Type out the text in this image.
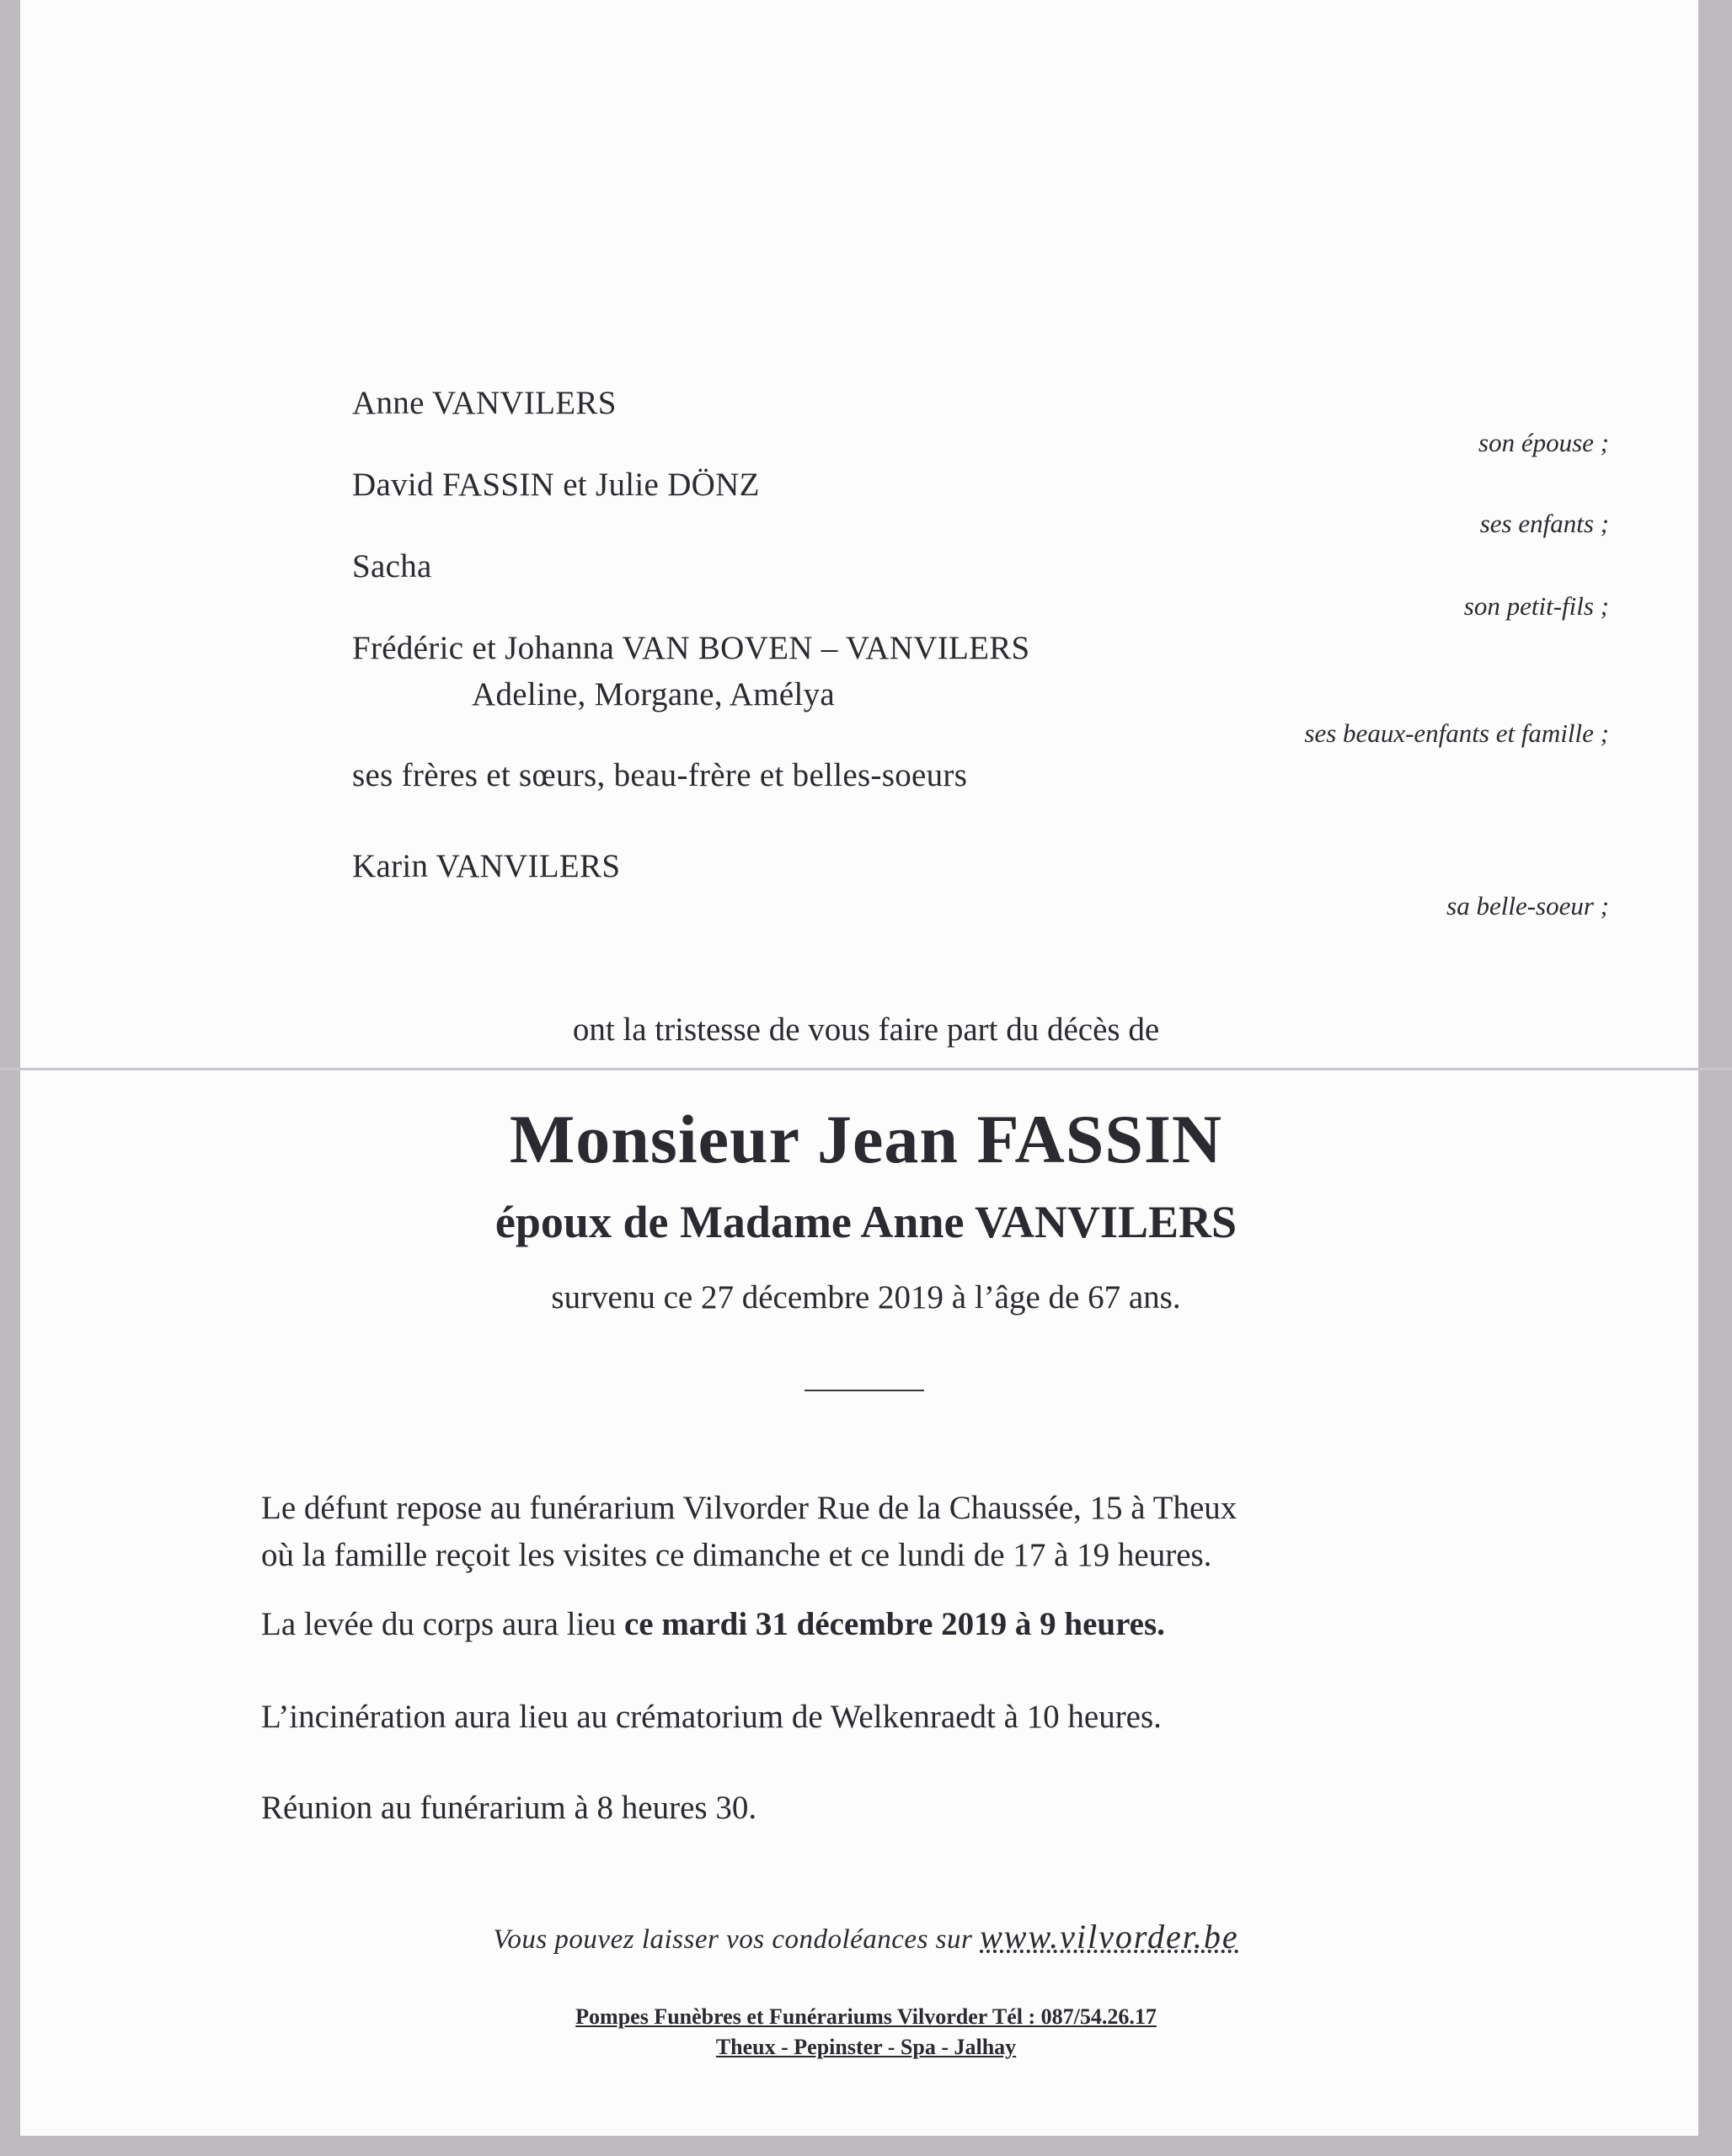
Anne VANVILERS

son épouse ;

David FASSIN et Julie DÖNZ

ses enfants ;

Sacha

son petit-fils ;

Frédéric et Johanna VAN BOVEN – VANVILERS

Adeline, Morgane, Amélya

ses beaux-enfants et famille ;

ses frères et sœurs, beau-frère et belles-soeurs

Karin VANVILERS

sa belle-soeur ;

ont la tristesse de vous faire part du décès de

Monsieur Jean FASSIN

époux de Madame Anne VANVILERS

survenu ce 27 décembre 2019 à l’âge de 67 ans.

Le défunt repose au funérarium Vilvorder Rue de la Chaussée, 15 à Theux

où la famille reçoit les visites ce dimanche et ce lundi de 17 à 19 heures.

La levée du corps aura lieu ce mardi 31 décembre 2019 à 9 heures.

L’incinération aura lieu au crématorium de Welkenraedt à 10 heures.

Réunion au funérarium à 8 heures 30.

Vous pouvez laisser vos condoléances sur www.vilvorder.be

Pompes Funèbres et Funérariums Vilvorder Tél : 087/54.26.17

Theux - Pepinster - Spa - Jalhay
